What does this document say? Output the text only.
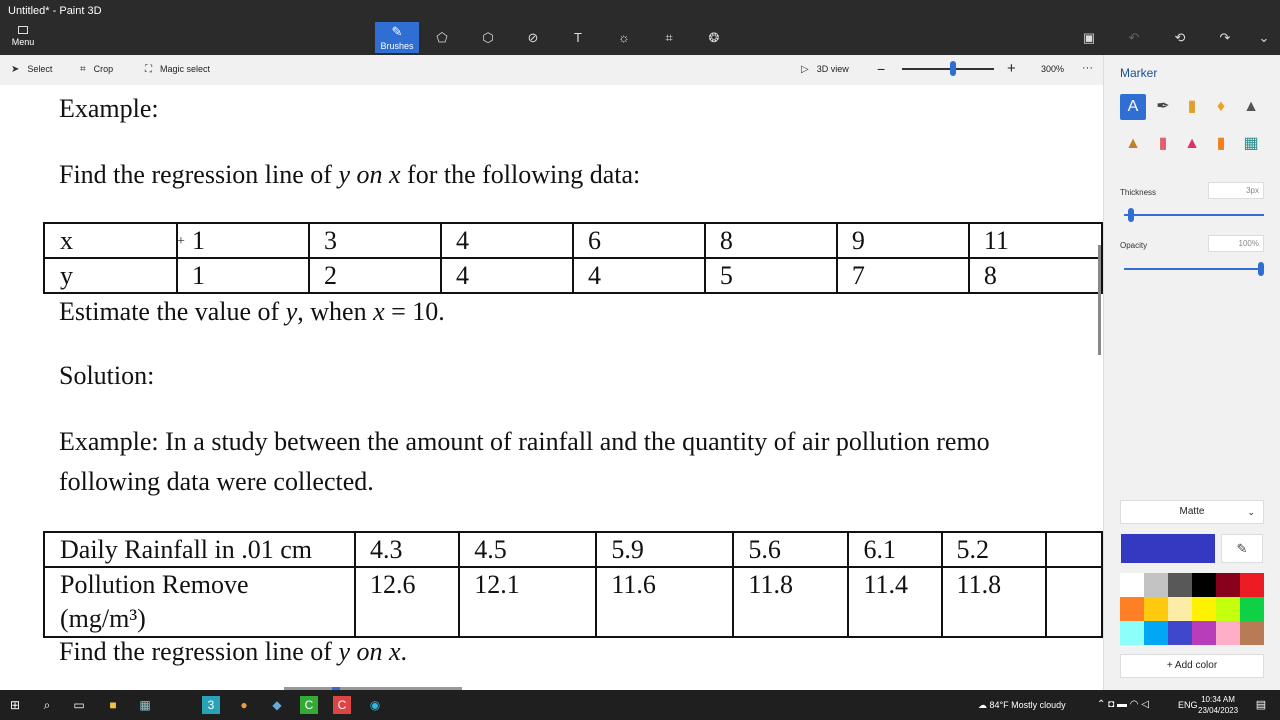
Untitled* - Paint 3D
Menu
✎
Brushes
⬠	⬡	⊘	T	☼	⌗	❂	▣	↶	⟲	↷	⌄
➤ Select	⌗ Crop	⛶ Magic select	▷ 3D view −	+	300% ···
Example:
Find the regression line of y on x for the following data:
x	1	3	4	6	8	9	11
y	1	2	4	4	5	7	8
+
Estimate the value of y, when x = 10.
Solution:
Example: In a study between the amount of rainfall and the quantity of air pollution remo
following data were collected.
Daily Rainfall in .01 cm	4.3	4.5	5.9	5.6	6.1	5.2	

Pollution Remove
(mg/m³)	12.6	12.1	11.6	11.8	11.4	11.8	
Find the regression line of y on x.
Marker
Thickness
Opacity
A	✒	▮	♦	▲
▲	▮	▲	▮	▦
3px
100%
Matte	⌄
✎
+ Add color
⊞	⌕	▭	■	▦	3	●	◆	C	C	◉	☁ 84°F Mostly cloudy	⌃ ◘ ▬ ◠ ◁	ENG
10:34 AM
23/04/2023	▤
